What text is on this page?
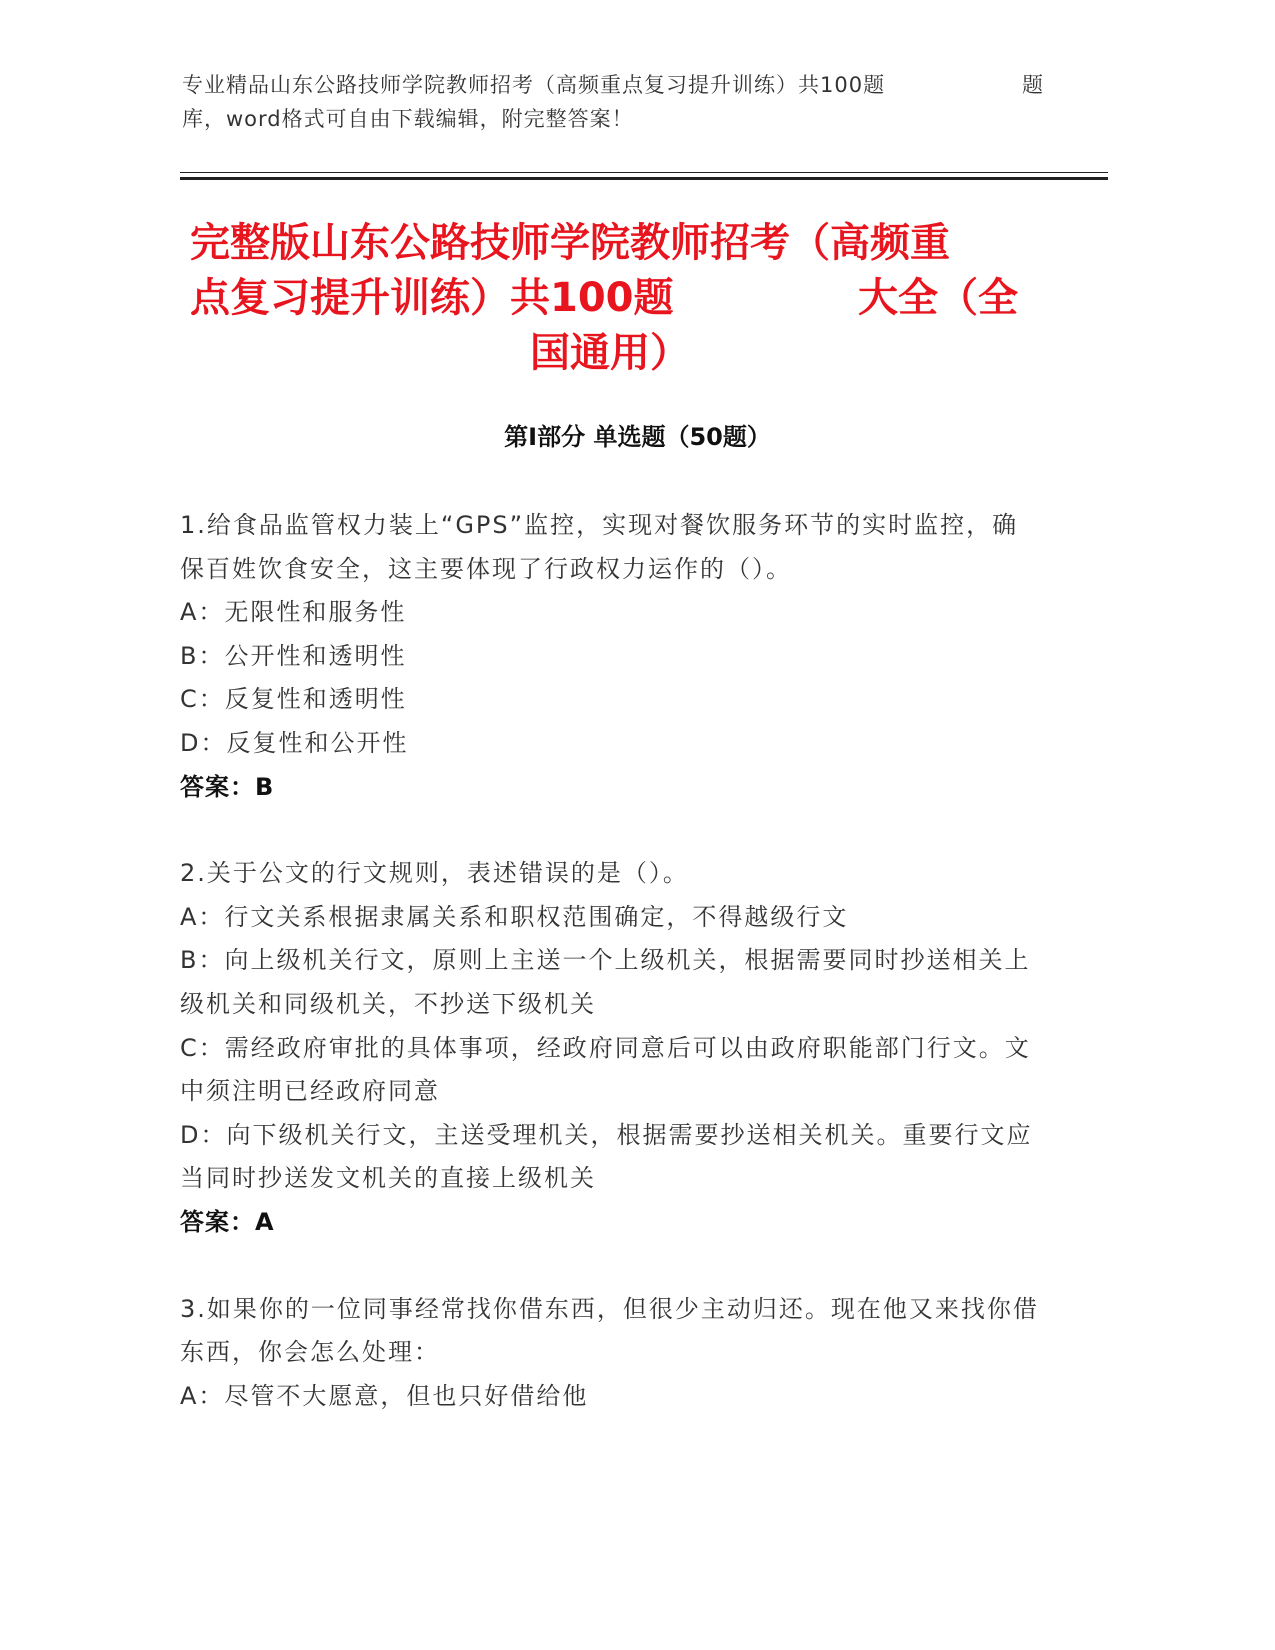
专业精品山东公路技师学院教师招考（高频重点复习提升训练）共100题	题
库，word格式可自由下载编辑，附完整答案！
完整版山东公路技师学院教师招考（高频重
点复习提升训练）共100题	大全（全
国通用）
第Ⅰ部分 单选题（50题）
1.给食品监管权力装上“GPS”监控，实现对餐饮服务环节的实时监控，确保百姓饮食安全，这主要体现了行政权力运作的（）。
A：无限性和服务性
B：公开性和透明性
C：反复性和透明性
D：反复性和公开性
答案：B
2.关于公文的行文规则，表述错误的是（）。
A：行文关系根据隶属关系和职权范围确定，不得越级行文
B：向上级机关行文，原则上主送一个上级机关，根据需要同时抄送相关上级机关和同级机关，不抄送下级机关
C：需经政府审批的具体事项，经政府同意后可以由政府职能部门行文。文中须注明已经政府同意
D：向下级机关行文，主送受理机关，根据需要抄送相关机关。重要行文应当同时抄送发文机关的直接上级机关
答案：A
3.如果你的一位同事经常找你借东西，但很少主动归还。现在他又来找你借东西，你会怎么处理：
A：尽管不大愿意，但也只好借给他
